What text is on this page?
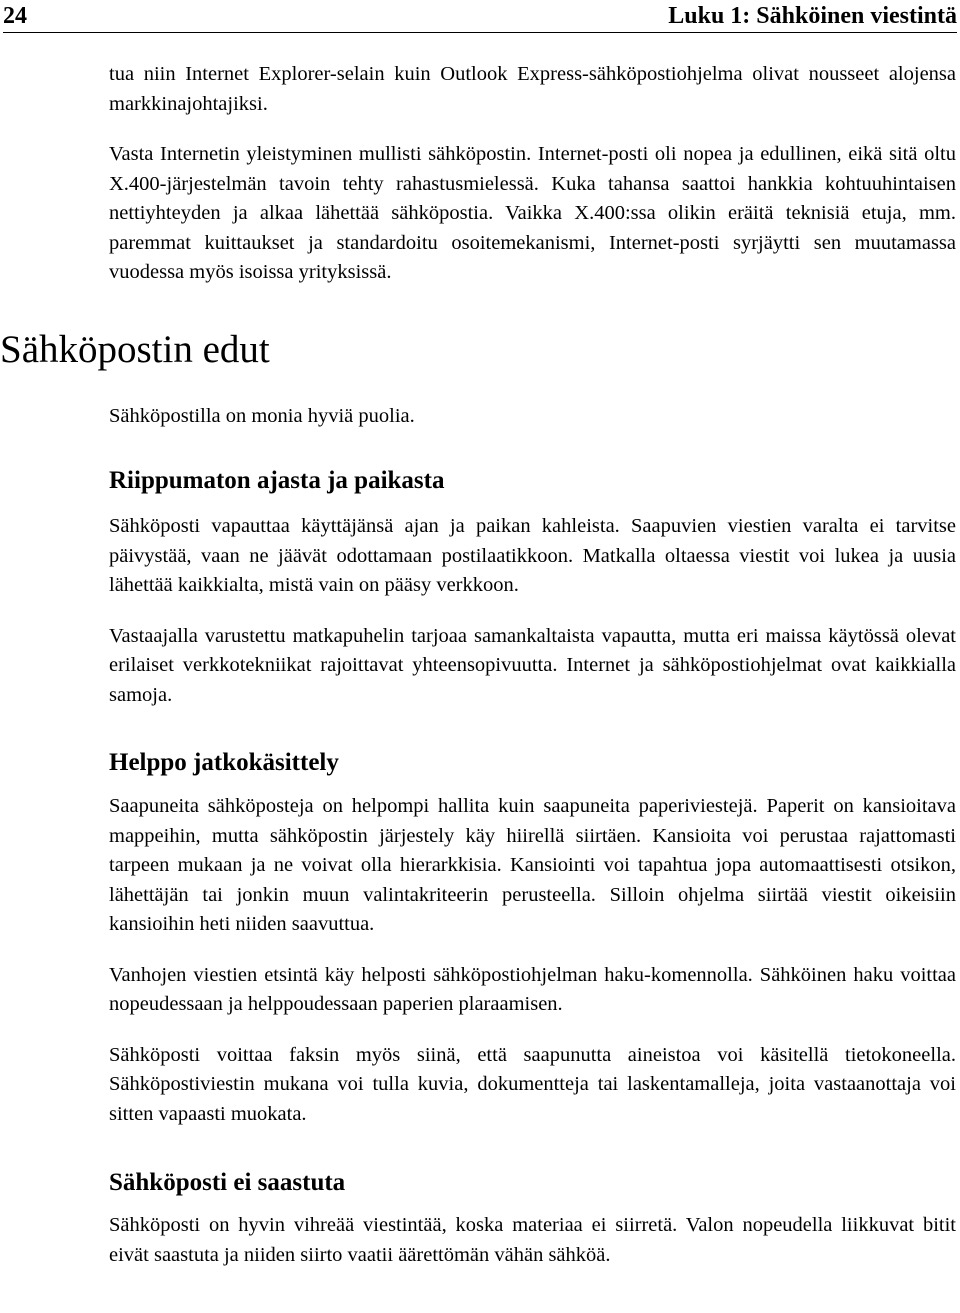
24	Luku 1: Sähköinen viestintä

tua niin Internet Explorer-selain kuin Outlook Express-sähköpostiohjelma olivat nousseet alojensa markkinajohtajiksi.

Vasta Internetin yleistyminen mullisti sähköpostin. Internet-posti oli nopea ja edullinen, eikä sitä oltu X.400-järjestelmän tavoin tehty rahastusmielessä. Kuka tahansa saattoi hankkia kohtuuhintaisen nettiyhteyden ja alkaa lähettää sähköpostia. Vaikka X.400:ssa olikin eräitä teknisiä etuja, mm. paremmat kuittaukset ja standardoitu osoitemekanismi, Internet-posti syrjäytti sen muutamassa vuodessa myös isoissa yrityksissä.

Sähköpostin edut

Sähköpostilla on monia hyviä puolia.

Riippumaton ajasta ja paikasta

Sähköposti vapauttaa käyttäjänsä ajan ja paikan kahleista. Saapuvien viestien varalta ei tarvitse päivystää, vaan ne jäävät odottamaan postilaatikkoon. Matkalla oltaessa viestit voi lukea ja uusia lähettää kaikkialta, mistä vain on pääsy verkkoon.

Vastaajalla varustettu matkapuhelin tarjoaa samankaltaista vapautta, mutta eri maissa käytössä olevat erilaiset verkkotekniikat rajoittavat yhteensopivuutta. Internet ja sähköpostiohjelmat ovat kaikkialla samoja.

Helppo jatkokäsittely

Saapuneita sähköposteja on helpompi hallita kuin saapuneita paperiviestejä. Paperit on kansioitava mappeihin, mutta sähköpostin järjestely käy hiirellä siirtäen. Kansioita voi perustaa rajattomasti tarpeen mukaan ja ne voivat olla hierarkkisia. Kansiointi voi tapahtua jopa automaattisesti otsikon, lähettäjän tai jonkin muun valintakriteerin perusteella. Silloin ohjelma siirtää viestit oikeisiin kansioihin heti niiden saavuttua.

Vanhojen viestien etsintä käy helposti sähköpostiohjelman haku-komennolla. Sähköinen haku voittaa nopeudessaan ja helppoudessaan paperien plaraamisen.

Sähköposti voittaa faksin myös siinä, että saapunutta aineistoa voi käsitellä tietokoneella. Sähköpostiviestin mukana voi tulla kuvia, dokumentteja tai laskentamalleja, joita vastaanottaja voi sitten vapaasti muokata.

Sähköposti ei saastuta

Sähköposti on hyvin vihreää viestintää, koska materiaa ei siirretä. Valon nopeudella liikkuvat bitit eivät saastuta ja niiden siirto vaatii äärettömän vähän sähköä.
